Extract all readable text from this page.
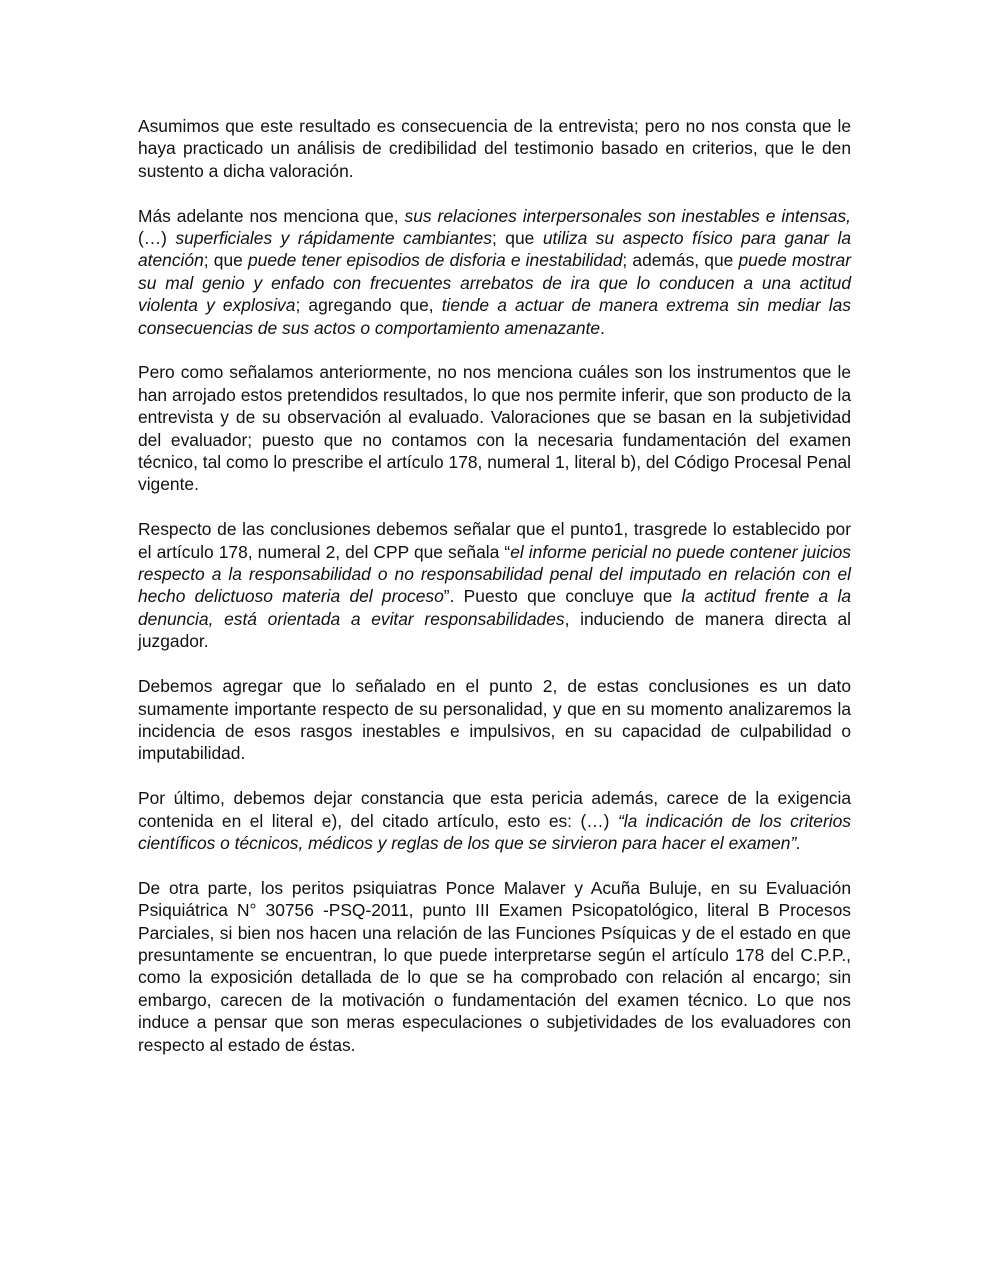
Asumimos que este resultado es consecuencia de la entrevista; pero no nos consta que le haya practicado un análisis de credibilidad del testimonio basado en criterios, que le den sustento a dicha valoración.

Más adelante nos menciona que, sus relaciones interpersonales son inestables e intensas, (…) superficiales y rápidamente cambiantes; que utiliza su aspecto físico para ganar la atención; que puede tener episodios de disforia e inestabilidad; además, que puede mostrar su mal genio y enfado con frecuentes arrebatos de ira que lo conducen a una actitud violenta y explosiva; agregando que, tiende a actuar de manera extrema sin mediar las consecuencias de sus actos o comportamiento amenazante.

Pero como señalamos anteriormente, no nos menciona cuáles son los instrumentos que le han arrojado estos pretendidos resultados, lo que nos permite inferir, que son producto de la entrevista y de su observación al evaluado. Valoraciones que se basan en la subjetividad del evaluador; puesto que no contamos con la necesaria fundamentación del examen técnico, tal como lo prescribe el artículo 178, numeral 1, literal b), del Código Procesal Penal vigente.

Respecto de las conclusiones debemos señalar que el punto1, trasgrede lo establecido por el artículo 178, numeral 2, del CPP que señala “el informe pericial no puede contener juicios respecto a la responsabilidad o no responsabilidad penal del imputado en relación con el hecho delictuoso materia del proceso”. Puesto que concluye que la actitud frente a la denuncia, está orientada a evitar responsabilidades, induciendo de manera directa al juzgador.

Debemos agregar que lo señalado en el punto 2, de estas conclusiones es un dato sumamente importante respecto de su personalidad, y que en su momento analizaremos la incidencia de esos rasgos inestables e impulsivos, en su capacidad de culpabilidad o imputabilidad.

Por último, debemos dejar constancia que esta pericia además, carece de la exigencia contenida en el literal e), del citado artículo, esto es: (…) “la indicación de los criterios científicos o técnicos, médicos y reglas de los que se sirvieron para hacer el examen”.

De otra parte, los peritos psiquiatras Ponce Malaver y Acuña Buluje, en su Evaluación Psiquiátrica N° 30756 -PSQ-2011, punto III Examen Psicopatológico, literal B Procesos Parciales, si bien nos hacen una relación de las Funciones Psíquicas y de el estado en que presuntamente se encuentran, lo que puede interpretarse según el artículo 178 del C.P.P., como la exposición detallada de lo que se ha comprobado con relación al encargo; sin embargo, carecen de la motivación o fundamentación del examen técnico. Lo que nos induce a pensar que son meras especulaciones o subjetividades de los evaluadores con respecto al estado de éstas.
